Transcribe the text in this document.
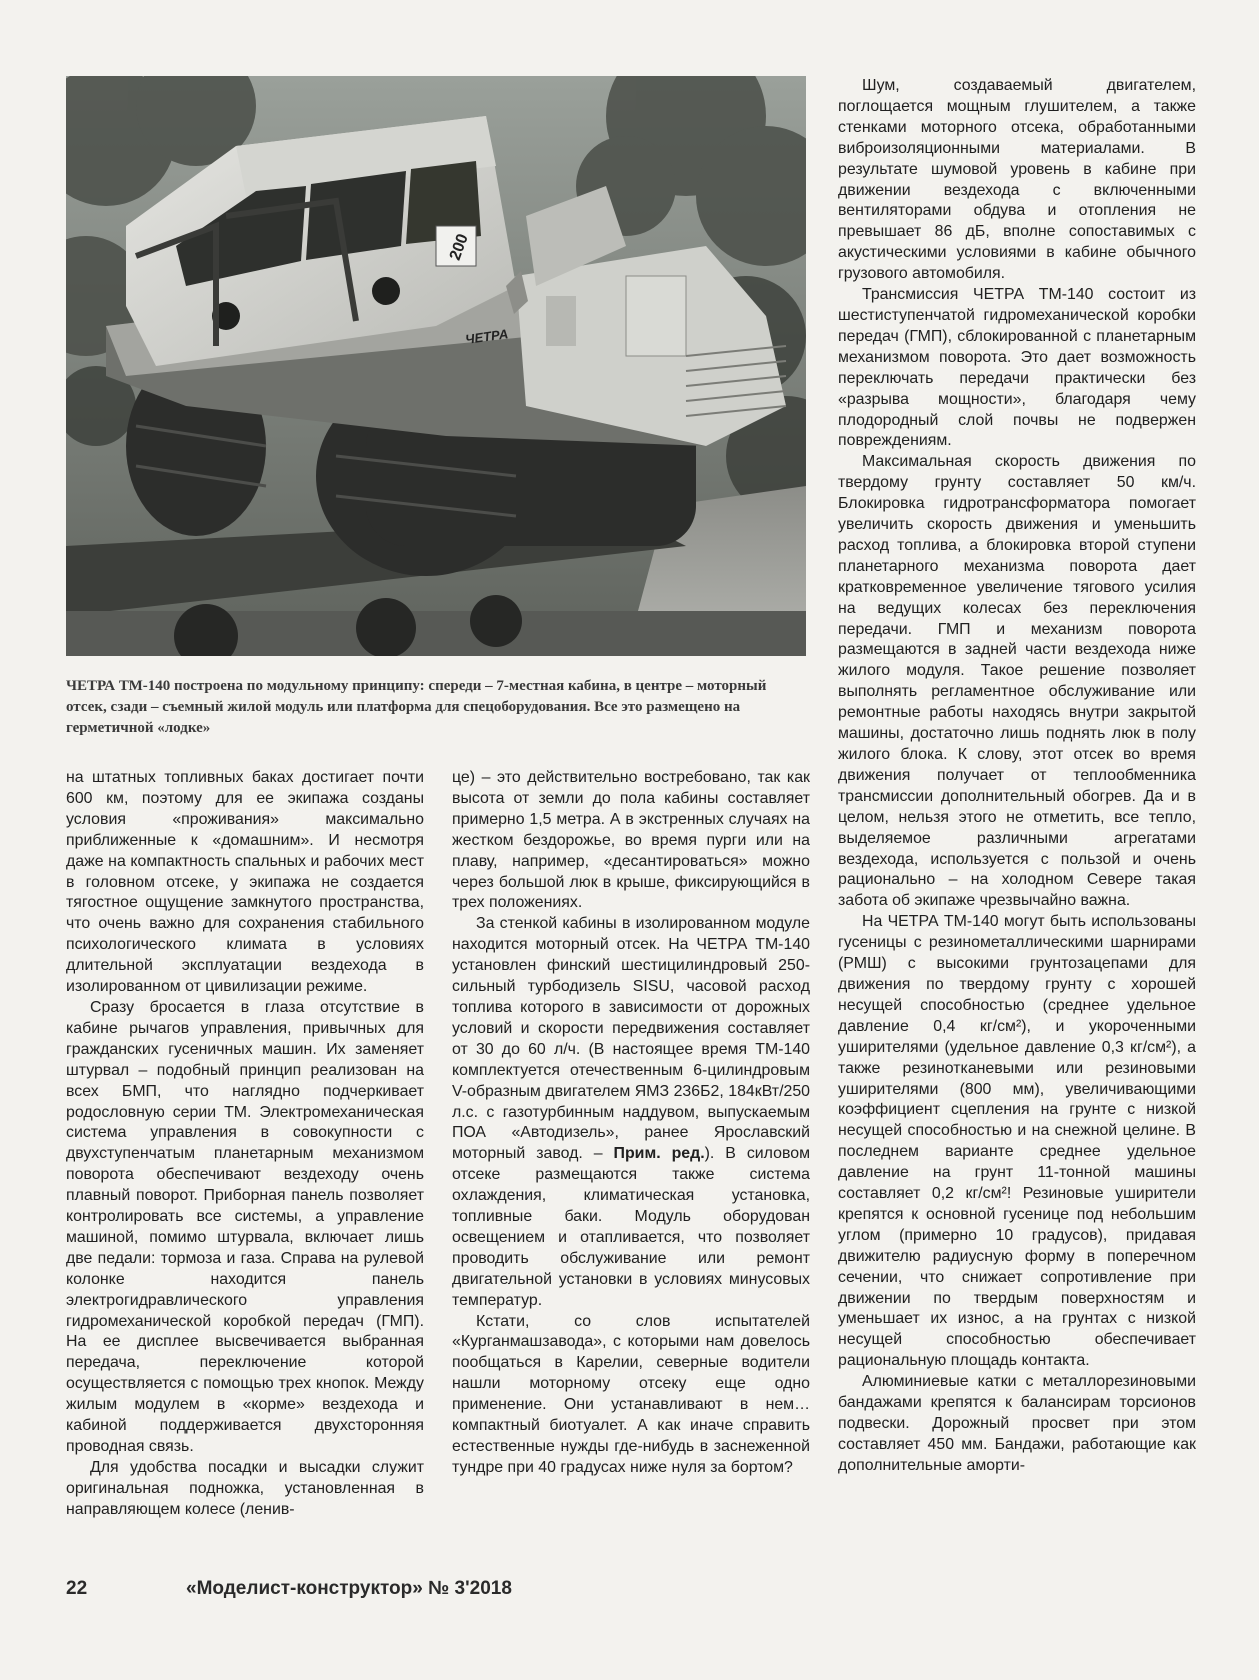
200
ЧЕТРА

ЧЕТРА ТМ-140 построена по модульному принципу: спереди – 7-местная кабина, в центре – моторный отсек, сзади – съемный жилой модуль или платформа для спецоборудования. Все это размещено на герметичной «лодке»

на штатных топливных баках достигает почти 600 км, поэтому для ее экипажа созданы условия «проживания» максимально приближенные к «домашним». И несмотря даже на компактность спальных и рабочих мест в головном отсеке, у экипажа не создается тягостное ощущение замкнутого пространства, что очень важно для сохранения стабильного психологического климата в условиях длительной эксплуатации вездехода в изолированном от цивилизации режиме.

Сразу бросается в глаза отсутствие в кабине рычагов управления, привычных для гражданских гусеничных машин. Их заменяет штурвал – подобный принцип реализован на всех БМП, что наглядно подчеркивает родословную серии ТМ. Электромеханическая система управления в совокупности с двухступенчатым планетарным механизмом поворота обеспечивают вездеходу очень плавный поворот. Приборная панель позволяет контролировать все системы, а управление машиной, помимо штурвала, включает лишь две педали: тормоза и газа. Справа на рулевой колонке находится панель электрогидравлического управления гидромеханической коробкой передач (ГМП). На ее дисплее высвечивается выбранная передача, переключение которой осуществляется с помощью трех кнопок. Между жилым модулем в «корме» вездехода и кабиной поддерживается двухсторонняя проводная связь.

Для удобства посадки и высадки служит оригинальная подножка, установленная в направляющем колесе (ленив-

це) – это действительно востребовано, так как высота от земли до пола кабины составляет примерно 1,5 метра. А в экстренных случаях на жестком бездорожье, во время пурги или на плаву, например, «десантироваться» можно через большой люк в крыше, фиксирующийся в трех положениях.

За стенкой кабины в изолированном модуле находится моторный отсек. На ЧЕТРА ТМ-140 установлен финский шестицилиндровый 250-сильный турбодизель SISU, часовой расход топлива которого в зависимости от дорожных условий и скорости передвижения составляет от 30 до 60 л/ч. (В настоящее время ТМ-140 комплектуется отечественным 6-цилиндровым V-образным двигателем ЯМЗ 236Б2, 184кВт/250 л.с. с газотурбинным наддувом, выпускаемым ПОА «Автодизель», ранее Ярославский моторный завод. – Прим. ред.). В силовом отсеке размещаются также система охлаждения, климатическая установка, топливные баки. Модуль оборудован освещением и отапливается, что позволяет проводить обслуживание или ремонт двигательной установки в условиях минусовых температур.

Кстати, со слов испытателей «Курганмашзавода», с которыми нам довелось пообщаться в Карелии, северные водители нашли моторному отсеку еще одно применение. Они устанавливают в нем… компактный биотуалет. А как иначе справить естественные нужды где-нибудь в заснеженной тундре при 40 градусах ниже нуля за бортом?

Шум, создаваемый двигателем, поглощается мощным глушителем, а также стенками моторного отсека, обработанными виброизоляционными материалами. В результате шумовой уровень в кабине при движении вездехода с включенными вентиляторами обдува и отопления не превышает 86 дБ, вполне сопоставимых с акустическими условиями в кабине обычного грузового автомобиля.

Трансмиссия ЧЕТРА ТМ-140 состоит из шестиступенчатой гидромеханической коробки передач (ГМП), сблокированной с планетарным механизмом поворота. Это дает возможность переключать передачи практически без «разрыва мощности», благодаря чему плодородный слой почвы не подвержен повреждениям.

Максимальная скорость движения по твердому грунту составляет 50 км/ч. Блокировка гидротрансформатора помогает увеличить скорость движения и уменьшить расход топлива, а блокировка второй ступени планетарного механизма поворота дает кратковременное увеличение тягового усилия на ведущих колесах без переключения передачи. ГМП и механизм поворота размещаются в задней части вездехода ниже жилого модуля. Такое решение позволяет выполнять регламентное обслуживание или ремонтные работы находясь внутри закрытой машины, достаточно лишь поднять люк в полу жилого блока. К слову, этот отсек во время движения получает от теплообменника трансмиссии дополнительный обогрев. Да и в целом, нельзя этого не отметить, все тепло, выделяемое различными агрегатами вездехода, используется с пользой и очень рационально – на холодном Севере такая забота об экипаже чрезвычайно важна.

На ЧЕТРА ТМ-140 могут быть использованы гусеницы с резинометаллическими шарнирами (РМШ) с высокими грунтозацепами для движения по твердому грунту с хорошей несущей способностью (среднее удельное давление 0,4 кг/см²), и укороченными уширителями (удельное давление 0,3 кг/см²), а также резинотканевыми или резиновыми уширителями (800 мм), увеличивающими коэффициент сцепления на грунте с низкой несущей способностью и на снежной целине. В последнем варианте среднее удельное давление на грунт 11-тонной машины составляет 0,2 кг/см²! Резиновые уширители крепятся к основной гусенице под небольшим углом (примерно 10 градусов), придавая движителю радиусную форму в поперечном сечении, что снижает сопротивление при движении по твердым поверхностям и уменьшает их износ, а на грунтах с низкой несущей способностью обеспечивает рациональную площадь контакта.

Алюминиевые катки с металлорезиновыми бандажами крепятся к балансирам торсионов подвески. Дорожный просвет при этом составляет 450 мм. Бандажи, работающие как дополнительные аморти-

22	«Моделист-конструктор» № 3'2018
